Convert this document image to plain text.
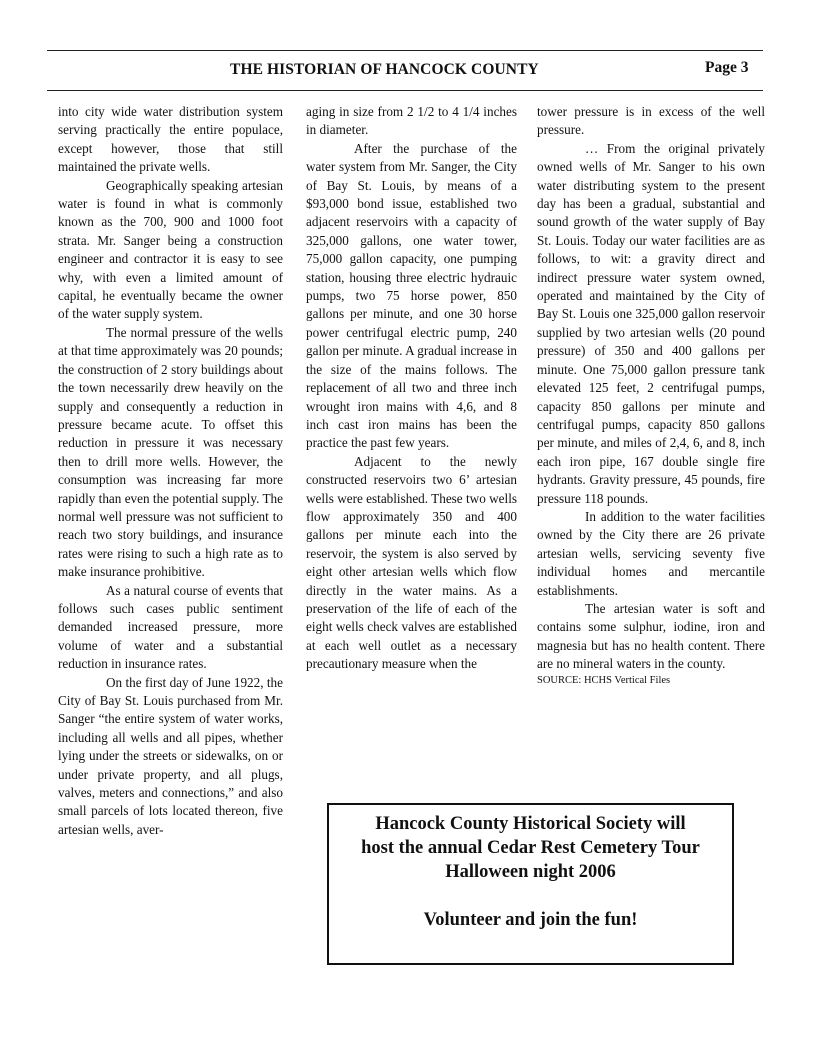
THE HISTORIAN OF HANCOCK COUNTY	Page 3

into city wide water distribution system serving practically the entire populace, except however, those that still maintained the private wells.

Geographically speaking artesian water is found in what is commonly known as the 700, 900 and 1000 foot strata. Mr. Sanger being a construction engineer and contractor it is easy to see why, with even a limited amount of capital, he eventually became the owner of the water supply system.

The normal pressure of the wells at that time approximately was 20 pounds; the construction of 2 story buildings about the town necessarily drew heavily on the supply and consequently a reduction in pressure became acute. To offset this reduction in pressure it was necessary then to drill more wells. However, the consumption was increasing far more rapidly than even the potential supply. The normal well pressure was not sufficient to reach two story buildings, and insurance rates were rising to such a high rate as to make insurance prohibitive.

As a natural course of events that follows such cases public sentiment demanded increased pressure, more volume of water and a substantial reduction in insurance rates.

On the first day of June 1922, the City of Bay St. Louis purchased from Mr. Sanger “the entire system of water works, including all wells and all pipes, whether lying under the streets or sidewalks, on or under private property, and all plugs, valves, meters and connections,” and also small parcels of lots located thereon, five artesian wells, aver-

aging in size from 2 1/2 to 4 1/4 inches in diameter.

After the purchase of the water system from Mr. Sanger, the City of Bay St. Louis, by means of a $93,000 bond issue, established two adjacent reservoirs with a capacity of 325,000 gallons, one water tower, 75,000 gallon capacity, one pumping station, housing three electric hydrauic pumps, two 75 horse power, 850 gallons per minute, and one 30 horse power centrifugal electric pump, 240 gallon per minute. A gradual increase in the size of the mains follows. The replacement of all two and three inch wrought iron mains with 4,6, and 8 inch cast iron mains has been the practice the past few years.

Adjacent to the newly constructed reservoirs two 6’ artesian wells were established. These two wells flow approximately 350 and 400 gallons per minute each into the reservoir, the system is also served by eight other artesian wells which flow directly in the water mains. As a preservation of the life of each of the eight wells check valves are established at each well outlet as a necessary precautionary measure when the

tower pressure is in excess of the well pressure.

… From the original privately owned wells of Mr. Sanger to his own water distributing system to the present day has been a gradual, substantial and sound growth of the water supply of Bay St. Louis. Today our water facilities are as follows, to wit: a gravity direct and indirect pressure water system owned, operated and maintained by the City of Bay St. Louis one 325,000 gallon reservoir supplied by two artesian wells (20 pound pressure) of 350 and 400 gallons per minute. One 75,000 gallon pressure tank elevated 125 feet, 2 centrifugal pumps, capacity 850 gallons per minute and centrifugal pumps, capacity 850 gallons per minute, and miles of 2,4, 6, and 8, inch each iron pipe, 167 double single fire hydrants. Gravity pressure, 45 pounds, fire pressure 118 pounds.

In addition to the water facilities owned by the City there are 26 private artesian wells, servicing seventy five individual homes and mercantile establishments.

The artesian water is soft and contains some sulphur, iodine, iron and magnesia but has no health content. There are no mineral waters in the county.

SOURCE: HCHS Vertical Files

Hancock County Historical Society will
host the annual Cedar Rest Cemetery Tour
Halloween night 2006
Volunteer and join the fun!
